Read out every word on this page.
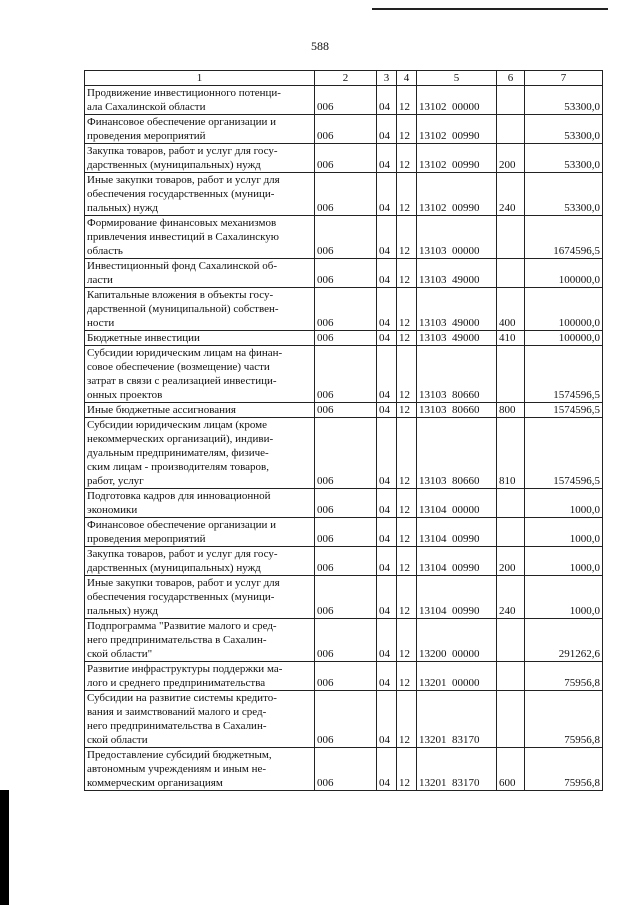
588
1	2	3	4	5	6	7
Продвижение инвестиционного потенци-
ала Сахалинской области	006	04	12	13102  00000		53300,0
Финансовое обеспечение организации и
проведения мероприятий	006	04	12	13102  00990		53300,0
Закупка товаров, работ и услуг для госу-
дарственных (муниципальных) нужд	006	04	12	13102  00990	200	53300,0
Иные закупки товаров, работ и услуг для
обеспечения государственных (муници-
пальных) нужд	006	04	12	13102  00990	240	53300,0
Формирование финансовых механизмов
привлечения инвестиций в Сахалинскую
область	006	04	12	13103  00000		1674596,5
Инвестиционный фонд Сахалинской об-
ласти	006	04	12	13103  49000		100000,0
Капитальные вложения в объекты госу-
дарственной (муниципальной) собствен-
ности	006	04	12	13103  49000	400	100000,0
Бюджетные инвестиции	006	04	12	13103  49000	410	100000,0
Субсидии юридическим лицам на финан-
совое обеспечение (возмещение) части
затрат в связи с реализацией инвестици-
онных проектов	006	04	12	13103  80660		1574596,5
Иные бюджетные ассигнования	006	04	12	13103  80660	800	1574596,5
Субсидии юридическим лицам (кроме
некоммерческих организаций), индиви-
дуальным предпринимателям, физиче-
ским лицам - производителям товаров,
работ, услуг	006	04	12	13103  80660	810	1574596,5
Подготовка кадров для инновационной
экономики	006	04	12	13104  00000		1000,0
Финансовое обеспечение организации и
проведения мероприятий	006	04	12	13104  00990		1000,0
Закупка товаров, работ и услуг для госу-
дарственных (муниципальных) нужд	006	04	12	13104  00990	200	1000,0
Иные закупки товаров, работ и услуг для
обеспечения государственных (муници-
пальных) нужд	006	04	12	13104  00990	240	1000,0
Подпрограмма "Развитие малого и сред-
него предпринимательства в Сахалин-
ской области"	006	04	12	13200  00000		291262,6
Развитие инфраструктуры поддержки ма-
лого и среднего предпринимательства	006	04	12	13201  00000		75956,8
Субсидии на развитие системы кредито-
вания и заимствований малого и сред-
него предпринимательства в Сахалин-
ской области	006	04	12	13201  83170		75956,8
Предоставление субсидий бюджетным,
автономным учреждениям и иным не-
коммерческим организациям	006	04	12	13201  83170	600	75956,8
